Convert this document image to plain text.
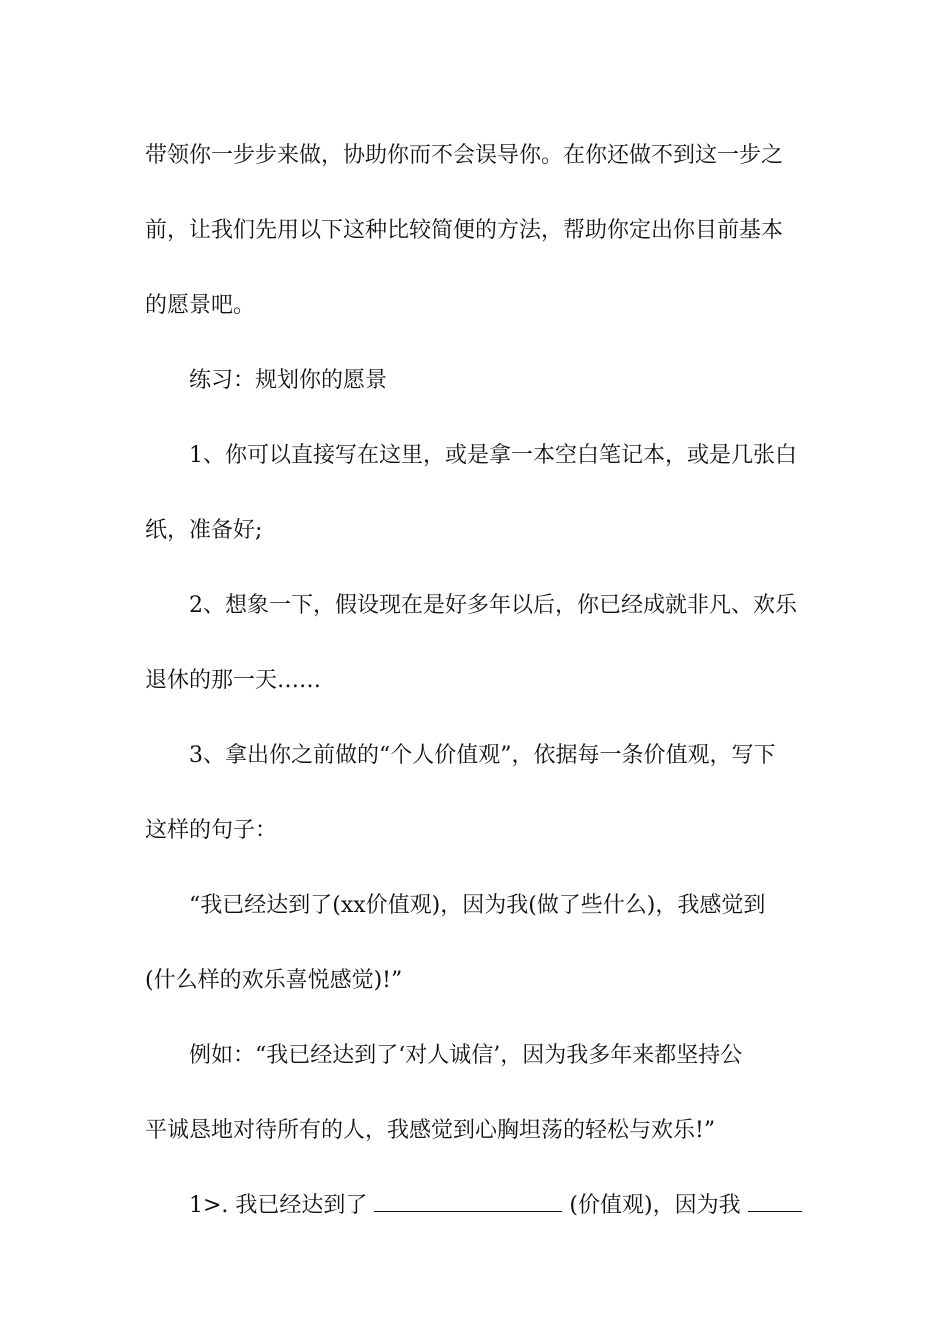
带领你一步步来做，协助你而不会误导你。在你还做不到这一步之
前，让我们先用以下这种比较简便的方法，帮助你定出你目前基本
的愿景吧。
练习：规划你的愿景
1、你可以直接写在这里，或是拿一本空白笔记本，或是几张白
纸，准备好;
2、想象一下，假设现在是好多年以后，你已经成就非凡、欢乐
退休的那一天……
3、拿出你之前做的“个人价值观”，依据每一条价值观，写下
这样的句子：
“我已经达到了(xx价值观)，因为我(做了些什么)，我感觉到
(什么样的欢乐喜悦感觉)!”
例如：“我已经达到了‘对人诚信’，因为我多年来都坚持公
平诚恳地对待所有的人，我感觉到心胸坦荡的轻松与欢乐!”
1>. 我已经达到了	(价值观)，因为我
